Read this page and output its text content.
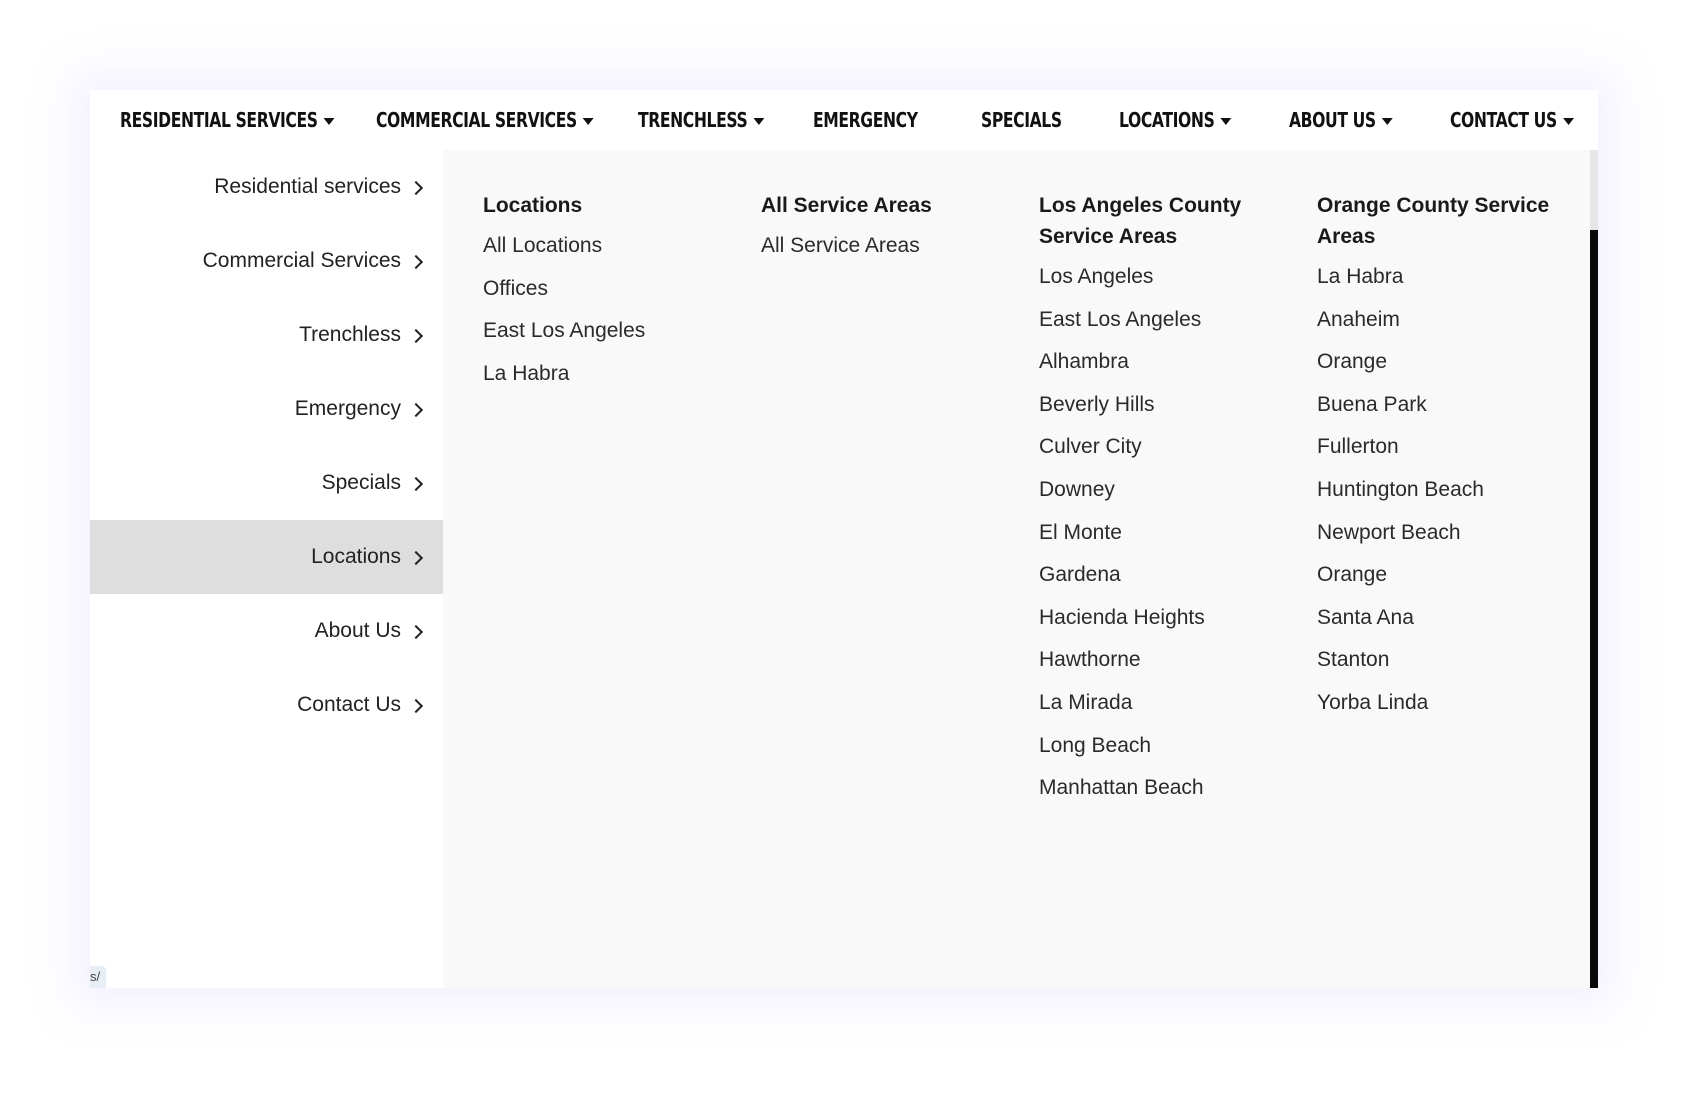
RESIDENTIAL SERVICES	COMMERCIAL SERVICES	TRENCHLESS	EMERGENCY	SPECIALS	LOCATIONS	ABOUT US	CONTACT US
Residential services
Commercial Services
Trenchless
Emergency
Specials
Locations
About Us
Contact Us
Locations
All Locations
Offices
East Los Angeles
La Habra
All Service Areas
All Service Areas
Los Angeles County Service Areas
Los Angeles
East Los Angeles
Alhambra
Beverly Hills
Culver City
Downey
El Monte
Gardena
Hacienda Heights
Hawthorne
La Mirada
Long Beach
Manhattan Beach
Orange County Service Areas
La Habra
Anaheim
Orange
Buena Park
Fullerton
Huntington Beach
Newport Beach
Orange
Santa Ana
Stanton
Yorba Linda
s/
